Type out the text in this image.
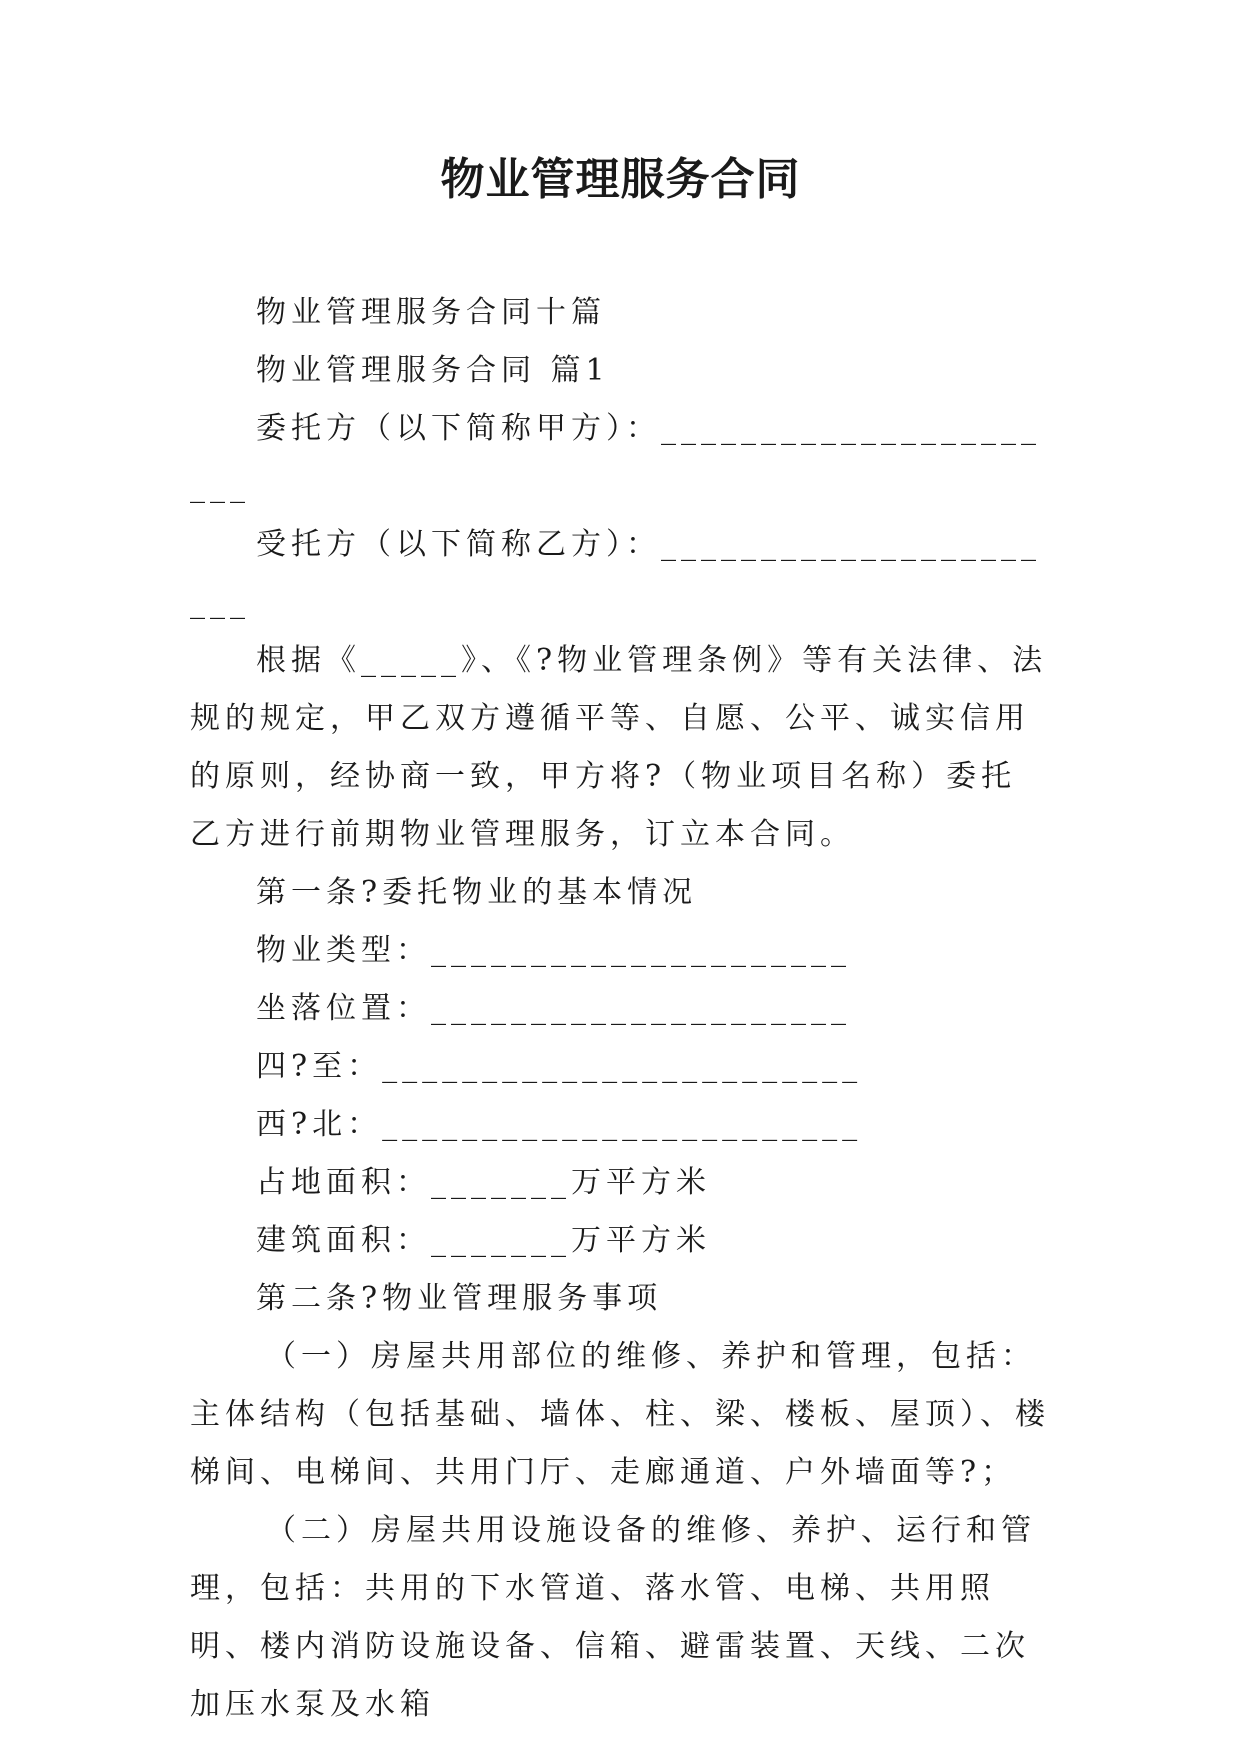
物业管理服务合同

物业管理服务合同十篇

物业管理服务合同 篇1

委托方（以下简称甲方）：______________________

受托方（以下简称乙方）：______________________

根据《_____》、《?物业管理条例》等有关法律、法规的规定，甲乙双方遵循平等、自愿、公平、诚实信用的原则，经协商一致，甲方将?（物业项目名称）委托乙方进行前期物业管理服务，订立本合同。

第一条?委托物业的基本情况

物业类型：_____________________

坐落位置：_____________________

四?至：________________________

西?北：________________________

占地面积：_______万平方米

建筑面积：_______万平方米

第二条?物业管理服务事项

（一）房屋共用部位的维修、养护和管理，包括：主体结构（包括基础、墙体、柱、梁、楼板、屋顶）、楼梯间、电梯间、共用门厅、走廊通道、户外墙面等?；

（二）房屋共用设施设备的维修、养护、运行和管理，包括：共用的下水管道、落水管、电梯、共用照明、楼内消防设施设备、信箱、避雷装置、天线、二次加压水泵及水箱
